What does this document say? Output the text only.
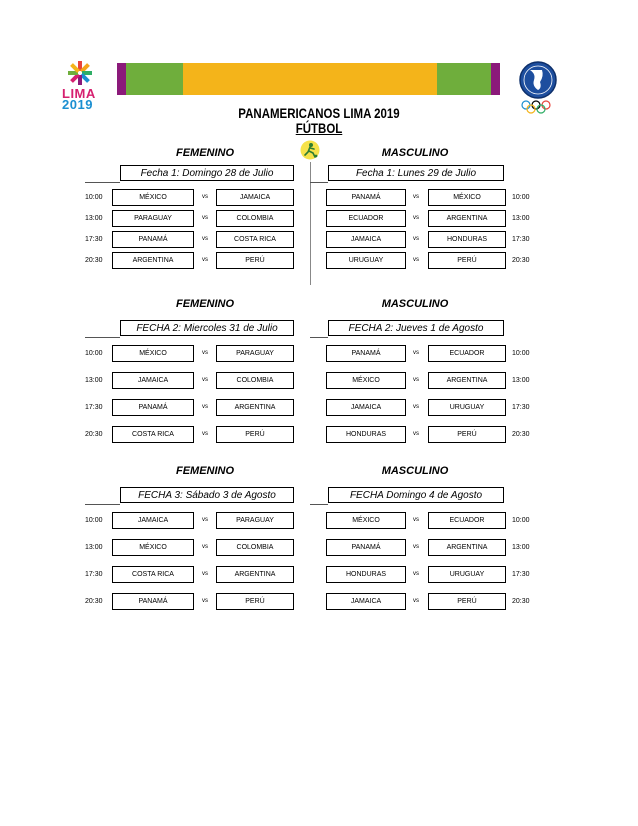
LIMA
2019
PANAMERICANOS LIMA 2019
FÚTBOL
FEMENINO	MASCULINO
Fecha 1: Domingo 28 de Julio	Fecha 1: Lunes 29 de Julio
10:00	MÉXICO	vs	JAMAICA
13:00	PARAGUAY	vs	COLOMBIA
17:30	PANAMÁ	vs	COSTA RICA
20:30	ARGENTINA	vs	PERÚ
PANAMÁ	vs	MÉXICO	10:00
ECUADOR	vs	ARGENTINA	13:00
JAMAICA	vs	HONDURAS	17:30
URUGUAY	vs	PERÚ	20:30
FEMENINO	MASCULINO
FECHA 2: Miercoles 31 de Julio	FECHA 2: Jueves 1 de Agosto
10:00	MÉXICO	vs	PARAGUAY
13:00	JAMAICA	vs	COLOMBIA
17:30	PANAMÁ	vs	ARGENTINA
20:30	COSTA RICA	vs	PERÚ
PANAMÁ	vs	ECUADOR	10:00
MÉXICO	vs	ARGENTINA	13:00
JAMAICA	vs	URUGUAY	17:30
HONDURAS	vs	PERÚ	20:30
FEMENINO	MASCULINO
FECHA 3: Sábado 3 de Agosto	FECHA Domingo 4 de Agosto
10:00	JAMAICA	vs	PARAGUAY
13:00	MÉXICO	vs	COLOMBIA
17:30	COSTA RICA	vs	ARGENTINA
20:30	PANAMÁ	vs	PERÚ
MÉXICO	vs	ECUADOR	10:00
PANAMÁ	vs	ARGENTINA	13:00
HONDURAS	vs	URUGUAY	17:30
JAMAICA	vs	PERÚ	20:30
